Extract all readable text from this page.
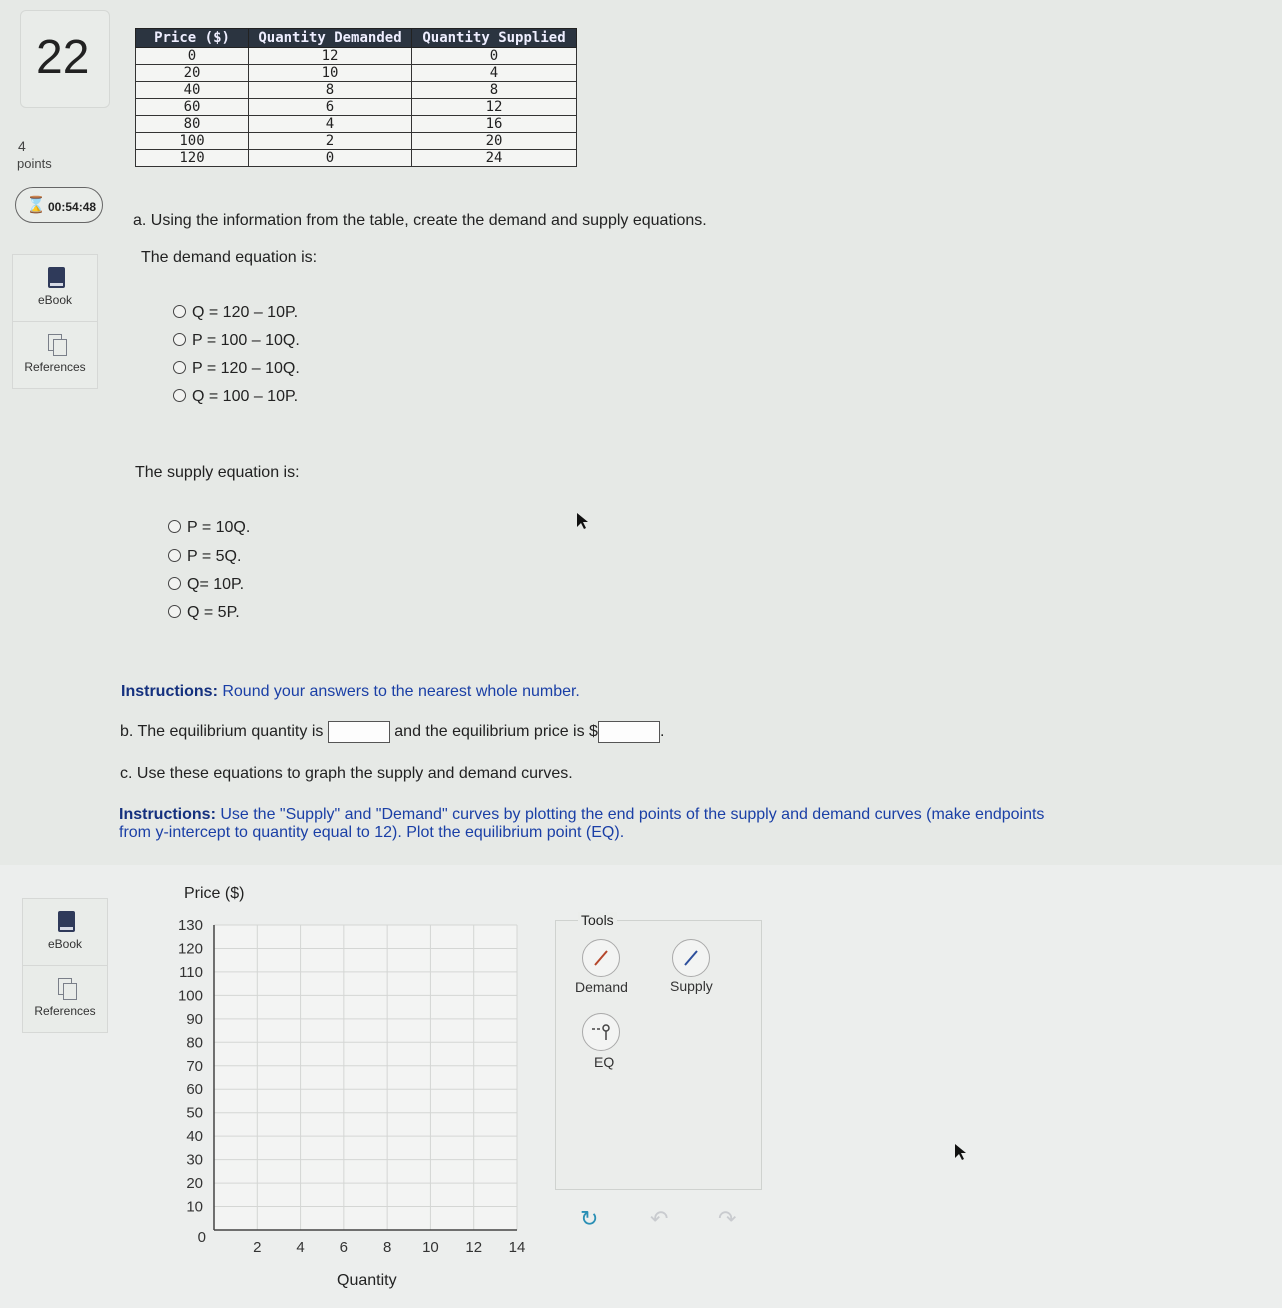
22
4
points
⌛ 00:54:48
eBook
References
eBook
References
Price ($)	Quantity Demanded	Quantity Supplied
0	12	0
20	10	4
40	8	8
60	6	12
80	4	16
100	2	20
120	0	24
a. Using the information from the table, create the demand and supply equations.
The demand equation is:
Q = 120 – 10P.
P = 100 – 10Q.
P = 120 – 10Q.
Q = 100 – 10P.
The supply equation is:
P = 10Q.
P = 5Q.
Q= 10P.
Q = 5P.
Instructions: Round your answers to the nearest whole number.
b. The equilibrium quantity is	and the equilibrium price is $	.
c. Use these equations to graph the supply and demand curves.
Instructions: Use the "Supply" and "Demand" curves by plotting the end points of the supply and demand curves (make endpoints
from y-intercept to quantity equal to 12). Plot the equilibrium point (EQ).
Price ($)
0
10
20
30
40
50
60
70
80
90
100
110
120
130
2 4 6 8 10 12 14
Quantity
Tools
Demand	Supply
EQ
↻ ↶ ↷
